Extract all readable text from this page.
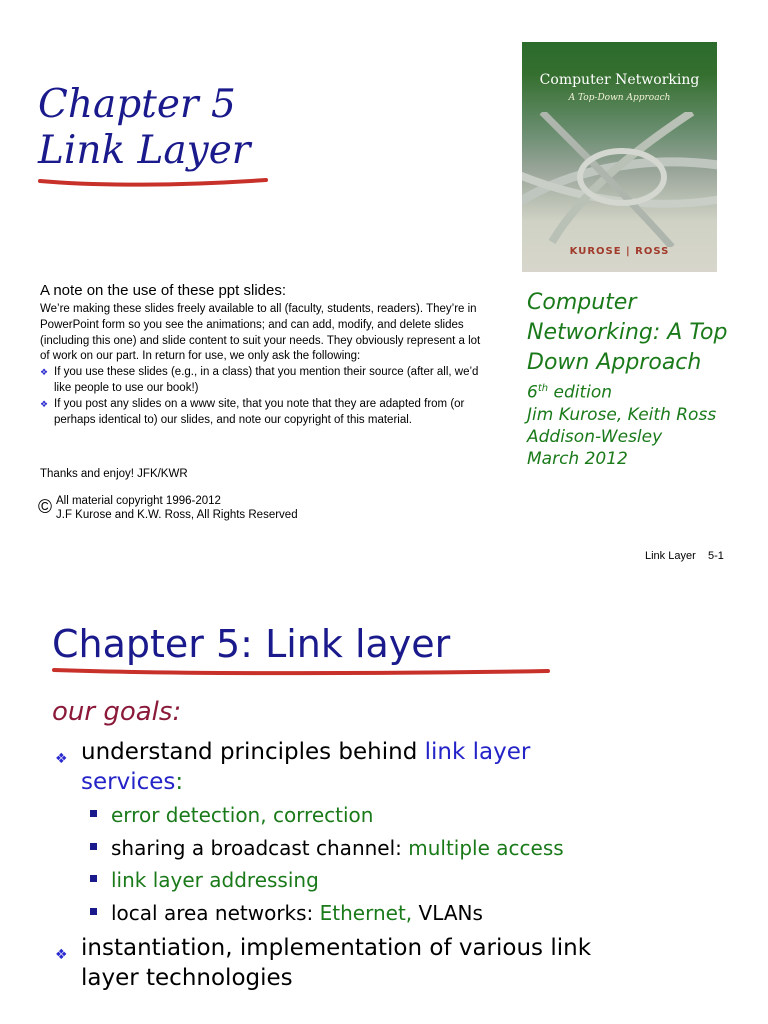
Chapter 5
Link Layer
Computer Networking
A Top-Down Approach
KUROSE | ROSS
A note on the use of these ppt slides:
We’re making these slides freely available to all (faculty, students, readers). They’re in PowerPoint form so you see the animations; and can add, modify, and delete slides (including this one) and slide content to suit your needs. They obviously represent a lot of work on our part. In return for use, we only ask the following:
❖ If you use these slides (e.g., in a class) that you mention their source (after all, we’d like people to use our book!)
❖ If you post any slides on a www site, that you note that they are adapted from (or perhaps identical to) our slides, and note our copyright of this material.
Thanks and enjoy! JFK/KWR
© All material copyright 1996-2012
J.F Kurose and K.W. Ross, All Rights Reserved
Computer
Networking: A Top
Down Approach
6th edition
Jim Kurose, Keith Ross
Addison-Wesley
March 2012
Link Layer    5-1
Chapter 5: Link layer
our goals:
❖ understand principles behind link layer
services:
error detection, correction
sharing a broadcast channel: multiple access
link layer addressing
local area networks: Ethernet, VLANs
❖ instantiation, implementation of various link layer technologies
